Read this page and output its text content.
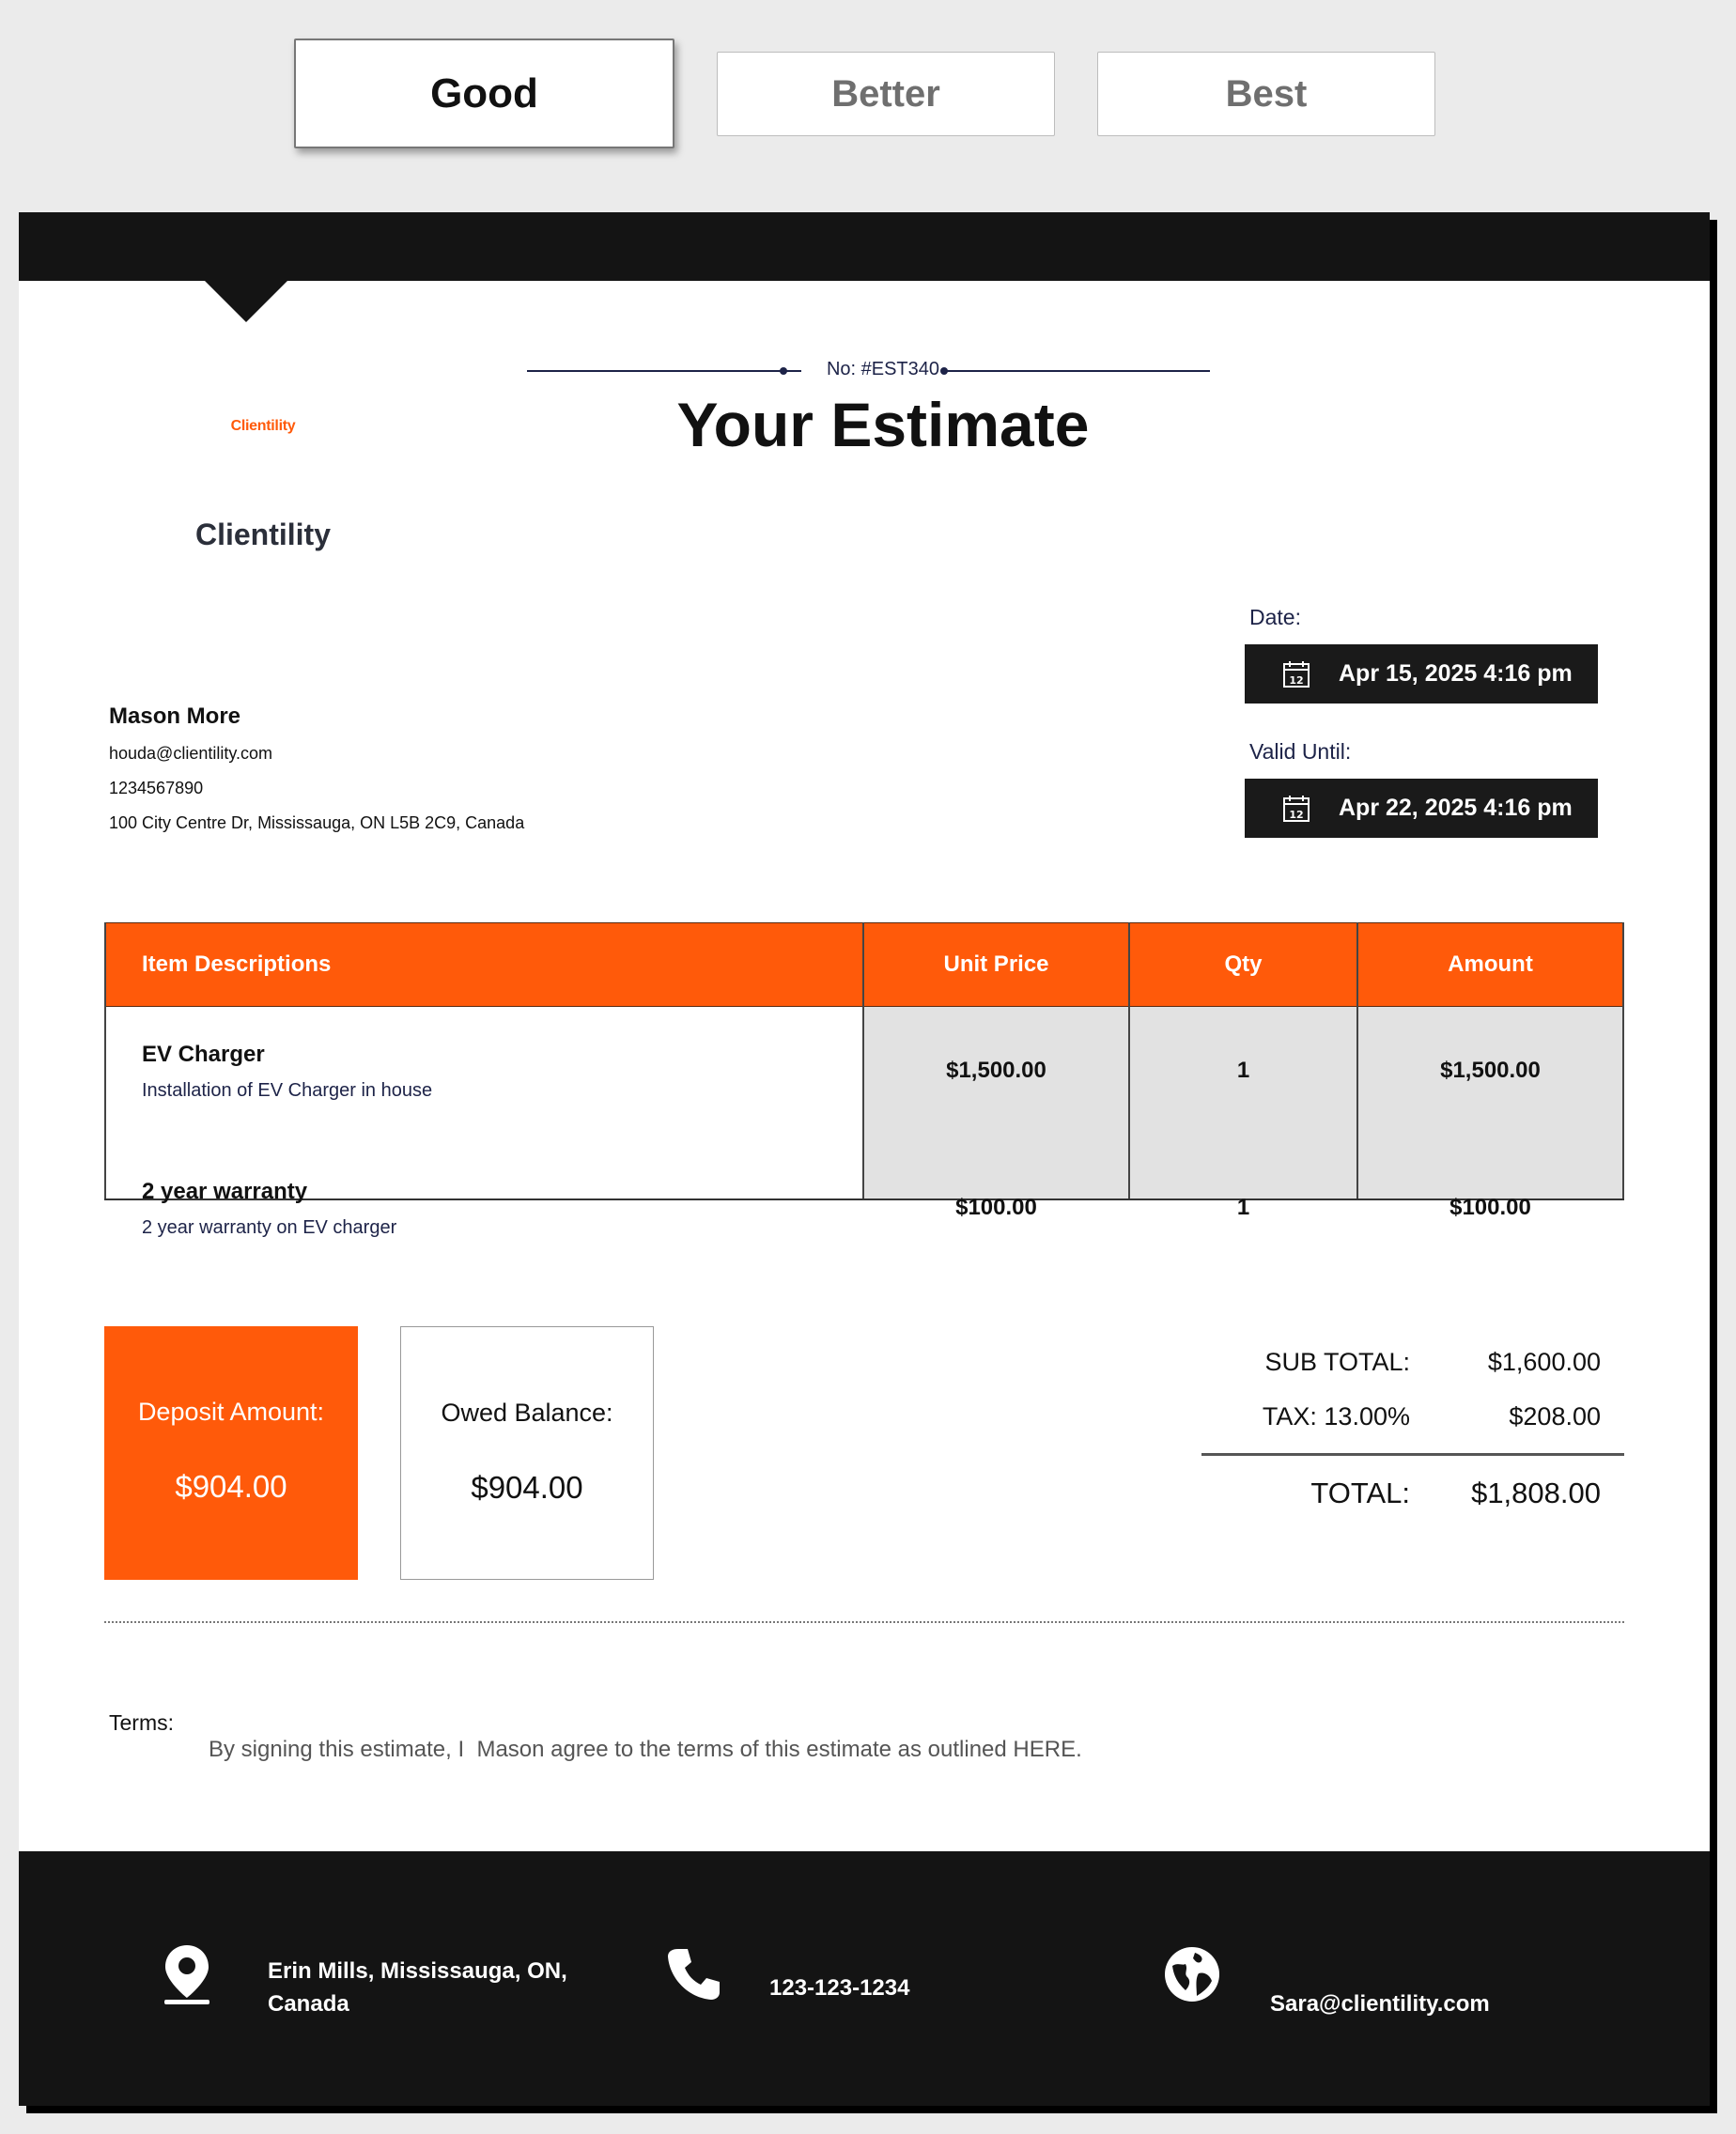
Good	Better	Best
No: #EST340
Your Estimate
Clientility
Clientility
Mason More
houda@clientility.com
1234567890
100 City Centre Dr, Mississauga, ON L5B 2C9, Canada
Date:
12 Apr 15, 2025 4:16 pm
Valid Until:
12 Apr 22, 2025 4:16 pm
Item Descriptions	Unit Price	Qty	Amount
EV Charger
Installation of EV Charger in house
$1,500.00	1	$1,500.00
2 year warranty
2 year warranty on EV charger
$100.00	1	$100.00
Deposit Amount:
$904.00
Owed Balance:
$904.00
SUB TOTAL:	$1,600.00
TAX: 13.00%	$208.00
TOTAL:	$1,808.00
Terms:
By signing this estimate, I  Mason agree to the terms of this estimate as outlined HERE.
Erin Mills, Mississauga, ON,
Canada
123-123-1234
Sara@clientility.com
